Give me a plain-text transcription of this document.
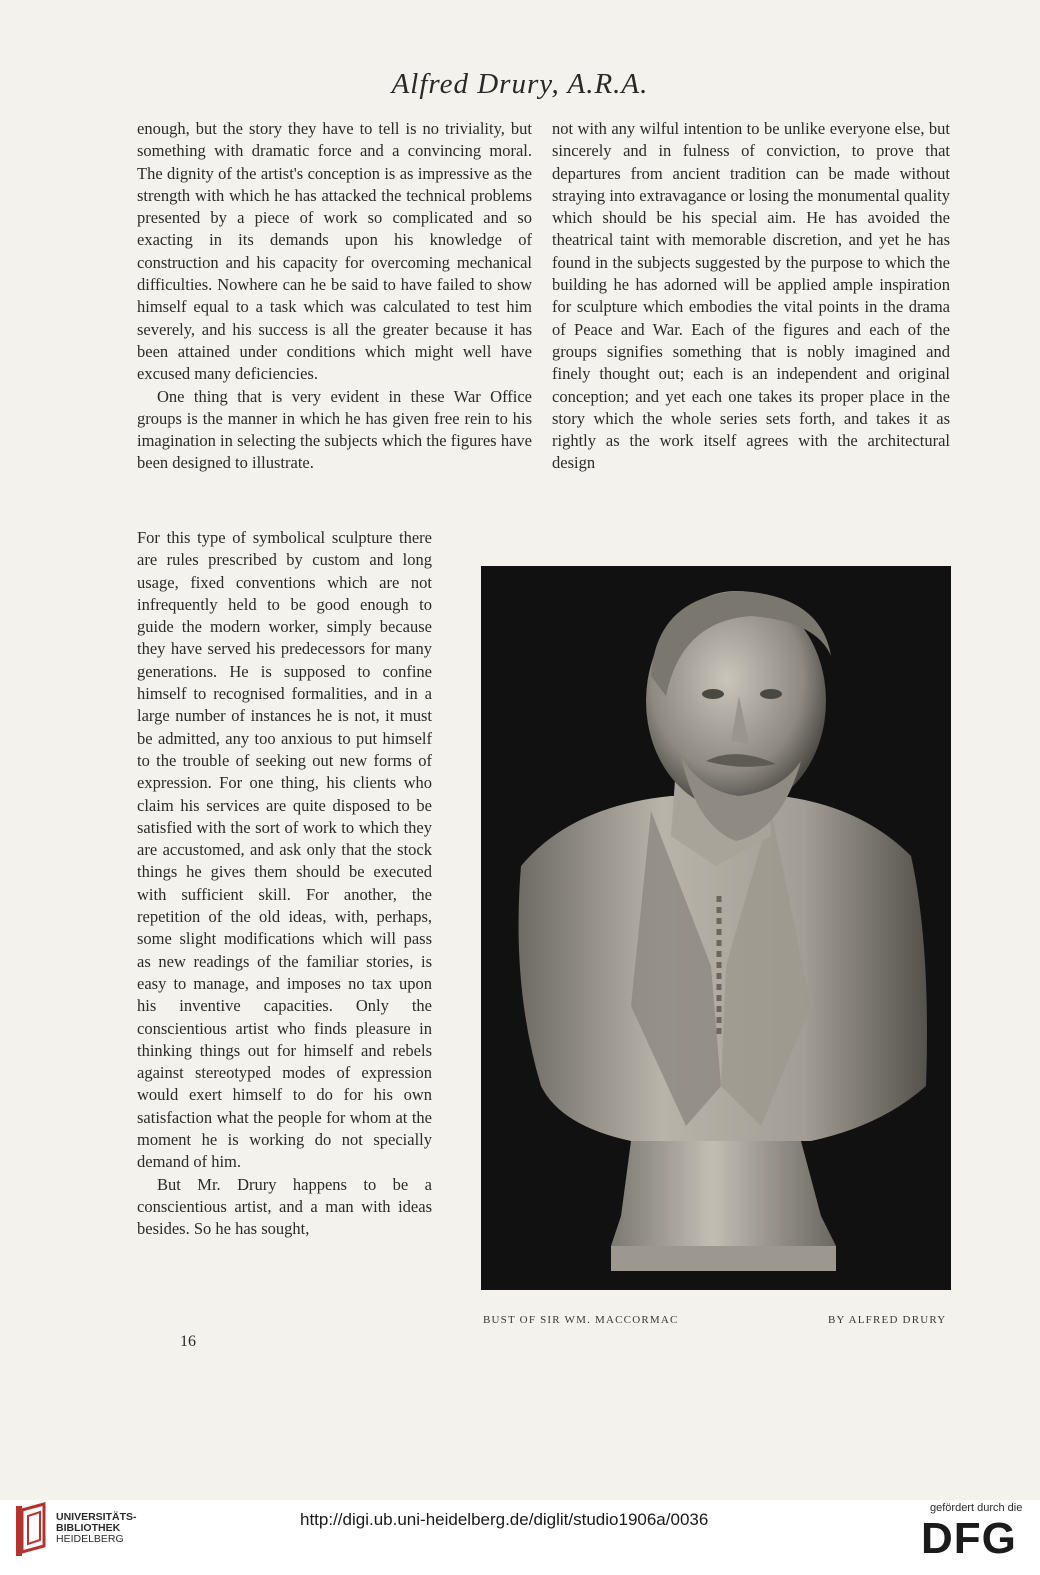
Alfred Drury, A.R.A.

enough, but the story they have to tell is no triviality, but something with dramatic force and a convincing moral. The dignity of the artist's conception is as impressive as the strength with which he has attacked the technical problems presented by a piece of work so complicated and so exacting in its demands upon his knowledge of construction and his capacity for overcoming mechanical difficulties. Nowhere can he be said to have failed to show himself equal to a task which was calculated to test him severely, and his success is all the greater because it has been attained under conditions which might well have excused many deficiencies.

One thing that is very evident in these War Office groups is the manner in which he has given free rein to his imagination in selecting the subjects which the figures have been designed to illustrate.

For this type of symbolical sculpture there are rules prescribed by custom and long usage, fixed conventions which are not infrequently held to be good enough to guide the modern worker, simply because they have served his predecessors for many generations. He is supposed to confine himself to recognised formalities, and in a large number of instances he is not, it must be admitted, any too anxious to put himself to the trouble of seeking out new forms of expression. For one thing, his clients who claim his services are quite disposed to be satisfied with the sort of work to which they are accustomed, and ask only that the stock things he gives them should be executed with sufficient skill. For another, the repetition of the old ideas, with, perhaps, some slight modifications which will pass as new readings of the familiar stories, is easy to manage, and imposes no tax upon his inventive capacities. Only the conscientious artist who finds pleasure in thinking things out for himself and rebels against stereotyped modes of expression would exert himself to do for his own satisfaction what the people for whom at the moment he is working do not specially demand of him.

But Mr. Drury happens to be a conscientious artist, and a man with ideas besides. So he has sought,

16

not with any wilful intention to be unlike everyone else, but sincerely and in fulness of conviction, to prove that departures from ancient tradition can be made without straying into extravagance or losing the monumental quality which should be his special aim. He has avoided the theatrical taint with memorable discretion, and yet he has found in the subjects suggested by the purpose to which the building he has adorned will be applied ample inspiration for sculpture which embodies the vital points in the drama of Peace and War. Each of the figures and each of the groups signifies something that is nobly imagined and finely thought out; each is an independent and original conception; and yet each one takes its proper place in the story which the whole series sets forth, and takes it as rightly as the work itself agrees with the architectural design

BUST OF SIR WM. MACCORMAC	BY ALFRED DRURY
UNIVERSITÄTS-
BIBLIOTHEK
HEIDELBERG
http://digi.ub.uni-heidelberg.de/diglit/studio1906a/0036
gefördert durch die
DFG
